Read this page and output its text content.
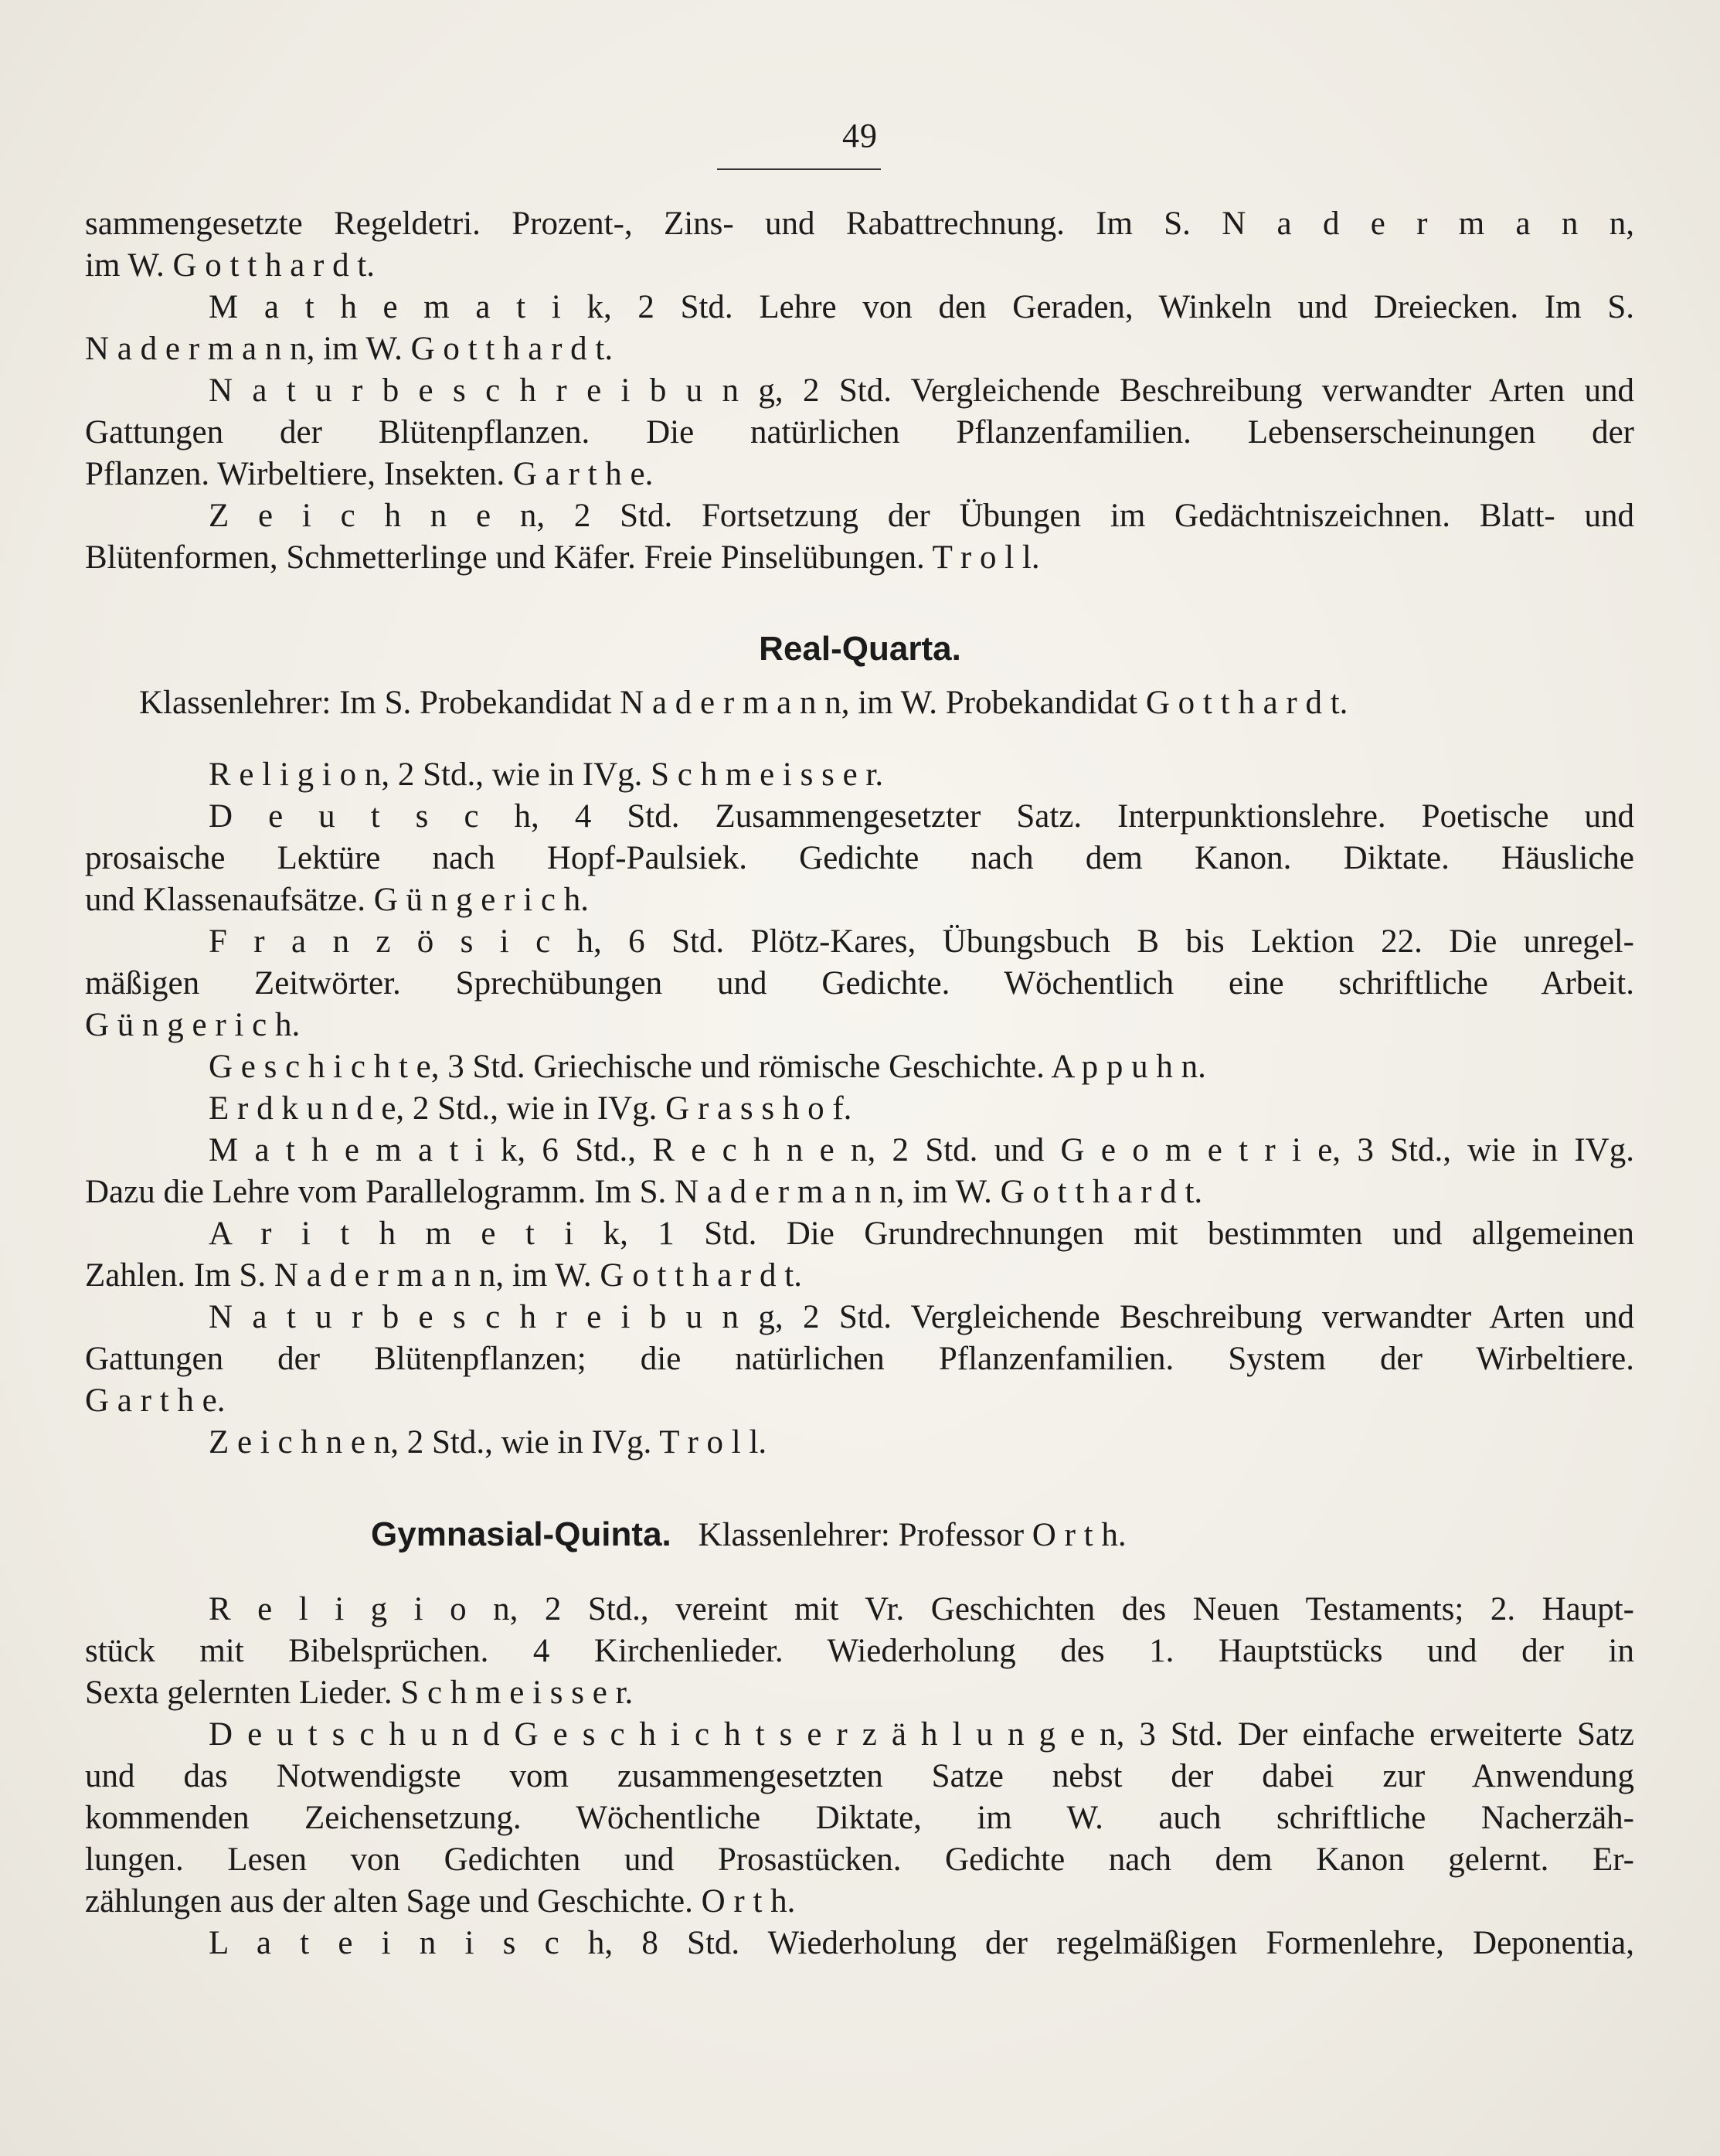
49
sammengesetzte Regeldetri. Prozent-, Zins- und Rabattrechnung. Im S. N a d e r m a n n,
im W. G o t t h a r d t.
M a t h e m a t i k, 2 Std. Lehre von den Geraden, Winkeln und Dreiecken. Im S.
N a d e r m a n n, im W. G o t t h a r d t.
N a t u r b e s c h r e i b u n g, 2 Std. Vergleichende Beschreibung verwandter Arten und
Gattungen der Blütenpflanzen. Die natürlichen Pflanzenfamilien. Lebenserscheinungen der
Pflanzen. Wirbeltiere, Insekten. G a r t h e.
Z e i c h n e n, 2 Std. Fortsetzung der Übungen im Gedächtniszeichnen. Blatt- und
Blütenformen, Schmetterlinge und Käfer. Freie Pinselübungen. T r o l l.
Real-Quarta.
Klassenlehrer: Im S. Probekandidat N a d e r m a n n, im W. Probekandidat G o t t h a r d t.
R e l i g i o n, 2 Std., wie in IVg. S c h m e i s s e r.
D e u t s c h, 4 Std. Zusammengesetzter Satz. Interpunktionslehre. Poetische und
prosaische Lektüre nach Hopf-Paulsiek. Gedichte nach dem Kanon. Diktate. Häusliche
und Klassenaufsätze. G ü n g e r i c h.
F r a n z ö s i c h, 6 Std. Plötz-Kares, Übungsbuch B bis Lektion 22. Die unregel-
mäßigen Zeitwörter. Sprechübungen und Gedichte. Wöchentlich eine schriftliche Arbeit.
G ü n g e r i c h.
G e s c h i c h t e, 3 Std. Griechische und römische Geschichte. A p p u h n.
E r d k u n d e, 2 Std., wie in IVg. G r a s s h o f.
M a t h e m a t i k, 6 Std., R e c h n e n, 2 Std. und G e o m e t r i e, 3 Std., wie in IVg.
Dazu die Lehre vom Parallelogramm. Im S. N a d e r m a n n, im W. G o t t h a r d t.
A r i t h m e t i k, 1 Std. Die Grundrechnungen mit bestimmten und allgemeinen
Zahlen. Im S. N a d e r m a n n, im W. G o t t h a r d t.
N a t u r b e s c h r e i b u n g, 2 Std. Vergleichende Beschreibung verwandter Arten und
Gattungen der Blütenpflanzen; die natürlichen Pflanzenfamilien. System der Wirbeltiere.
G a r t h e.
Z e i c h n e n, 2 Std., wie in IVg. T r o l l.
Gymnasial-Quinta. Klassenlehrer: Professor O r t h.
R e l i g i o n, 2 Std., vereint mit Vr. Geschichten des Neuen Testaments; 2. Haupt-
stück mit Bibelsprüchen. 4 Kirchenlieder. Wiederholung des 1. Hauptstücks und der in
Sexta gelernten Lieder. S c h m e i s s e r.
D e u t s c h u n d G e s c h i c h t s e r z ä h l u n g e n, 3 Std. Der einfache erweiterte Satz
und das Notwendigste vom zusammengesetzten Satze nebst der dabei zur Anwendung
kommenden Zeichensetzung. Wöchentliche Diktate, im W. auch schriftliche Nacherzäh-
lungen. Lesen von Gedichten und Prosastücken. Gedichte nach dem Kanon gelernt. Er-
zählungen aus der alten Sage und Geschichte. O r t h.
L a t e i n i s c h, 8 Std. Wiederholung der regelmäßigen Formenlehre, Deponentia,
